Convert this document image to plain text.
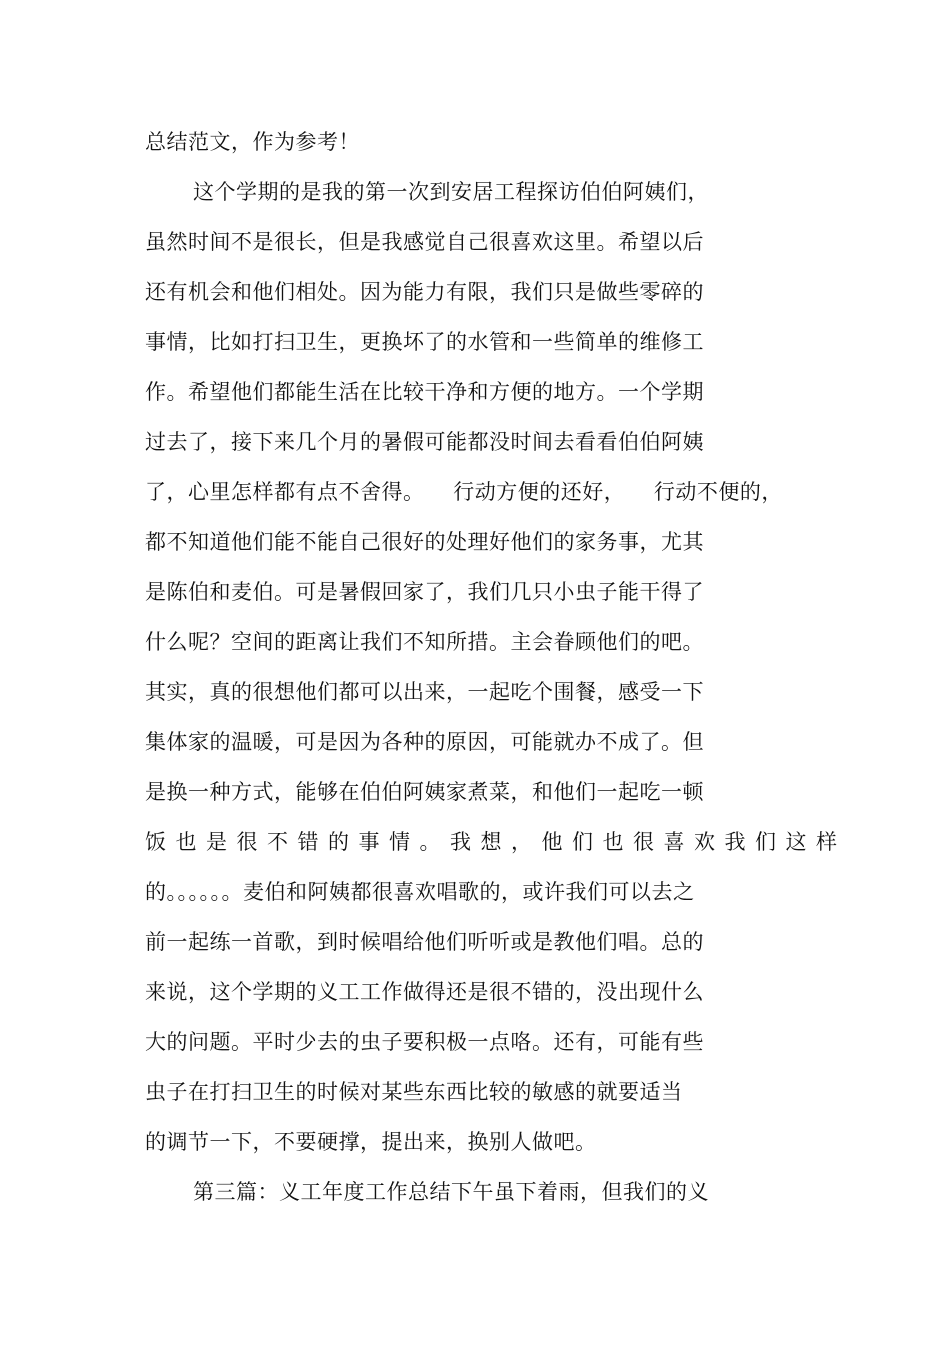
总结范文，作为参考！
这个学期的是我的第一次到安居工程探访伯伯阿姨们，
虽然时间不是很长，但是我感觉自己很喜欢这里。希望以后
还有机会和他们相处。因为能力有限，我们只是做些零碎的
事情，比如打扫卫生，更换坏了的水管和一些简单的维修工
作。希望他们都能生活在比较干净和方便的地方。一个学期
过去了，接下来几个月的暑假可能都没时间去看看伯伯阿姨
了，心里怎样都有点不舍得。    行动方便的还好，    行动不便的，
都不知道他们能不能自己很好的处理好他们的家务事，尤其
是陈伯和麦伯。可是暑假回家了，我们几只小虫子能干得了
什么呢？空间的距离让我们不知所措。主会眷顾他们的吧。
其实，真的很想他们都可以出来，一起吃个围餐，感受一下
集体家的温暖，可是因为各种的原因，可能就办不成了。但
是换一种方式，能够在伯伯阿姨家煮菜，和他们一起吃一顿
饭也是很不错的事情。我想，他们也很喜欢我们这样
的。。。。。。麦伯和阿姨都很喜欢唱歌的，或许我们可以去之
前一起练一首歌，到时候唱给他们听听或是教他们唱。总的
来说，这个学期的义工工作做得还是很不错的，没出现什么
大的问题。平时少去的虫子要积极一点咯。还有，可能有些
虫子在打扫卫生的时候对某些东西比较的敏感的就要适当
的调节一下，不要硬撑，提出来，换别人做吧。
第三篇：义工年度工作总结下午虽下着雨，但我们的义
